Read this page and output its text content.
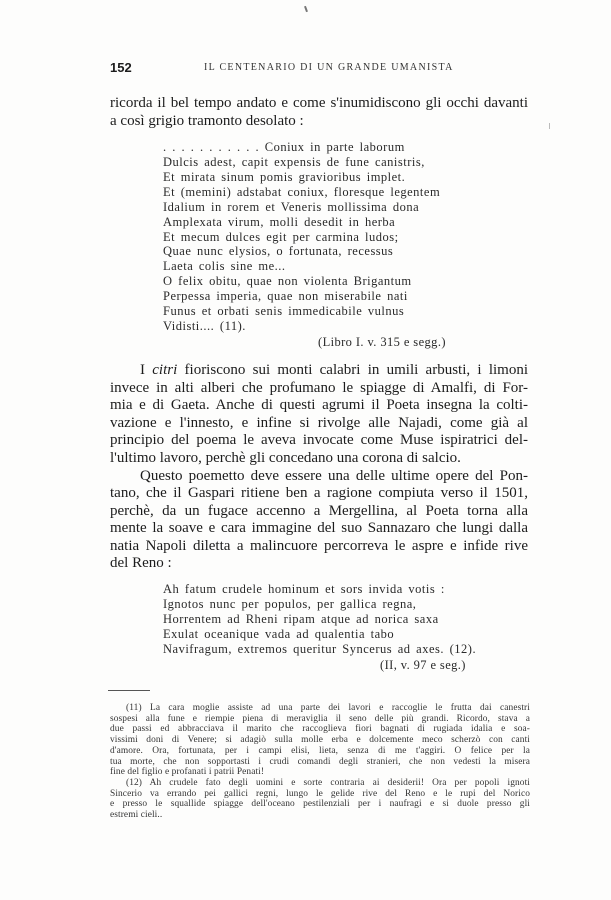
152	IL CENTENARIO DI UN GRANDE UMANISTA
ricorda il bel tempo andato e come s'inumidiscono gli occhi davanti
a così grigio tramonto desolato :
I citri fioriscono sui monti calabri in umili arbusti, i limoni
invece in alti alberi che profumano le spiagge di Amalfi, di For-
mia e di Gaeta. Anche di questi agrumi il Poeta insegna la colti-
vazione e l'innesto, e infine si rivolge alle Najadi, come già al
principio del poema le aveva invocate come Muse ispiratrici del-
l'ultimo lavoro, perchè gli concedano una corona di salcio.
Questo poemetto deve essere una delle ultime opere del Pon-
tano, che il Gaspari ritiene ben a ragione compiuta verso il 1501,
perchè, da un fugace accenno a Mergellina, al Poeta torna alla
mente la soave e cara immagine del suo Sannazaro che lungi dalla
natia Napoli diletta a malincuore percorreva le aspre e infide rive
del Reno :
. . . . . . . . . . . Coniux in parte laborum
Dulcis adest, capit expensis de fune canistris,
Et mirata sinum pomis gravioribus implet.
Et (memini) adstabat coniux, floresque legentem
Idalium in rorem et Veneris mollissima dona
Amplexata virum, molli desedit in herba
Et mecum dulces egit per carmina ludos;
Quae nunc elysios, o fortunata, recessus
Laeta colis sine me...
O felix obitu, quae non violenta Brigantum
Perpessa imperia, quae non miserabile nati
Funus et orbati senis immedicabile vulnus
Vidisti.... (11).
(Libro I. v. 315 e segg.)
Ah fatum crudele hominum et sors invida votis :
Ignotos nunc per populos, per gallica regna,
Horrentem ad Rheni ripam atque ad norica saxa
Exulat oceanique vada ad qualentia tabo
Navifragum, extremos queritur Syncerus ad axes. (12).
(II, v. 97 e seg.)
(11) La cara moglie assiste ad una parte dei lavori e raccoglie le frutta dai canestri
sospesi alla fune e riempie piena di meraviglia il seno delle più grandi. Ricordo, stava a
due passi ed abbracciava il marito che raccoglieva fiori bagnati di rugiada idalia e soa-
vissimi doni di Venere; si adagiò sulla molle erba e dolcemente meco scherzò con canti
d'amore. Ora, fortunata, per i campi elisi, lieta, senza di me t'aggiri. O felice per la
tua morte, che non sopportasti i crudi comandi degli stranieri, che non vedesti la misera
fine del figlio e profanati i patrii Penati!
(12) Ah crudele fato degli uomini e sorte contraria ai desiderii! Ora per popoli ignoti
Sincerio va errando pei gallici regni, lungo le gelide rive del Reno e le rupi del Norico
e presso le squallide spiagge dell'oceano pestilenziali per i naufragi e si duole presso gli
estremi cieli..
